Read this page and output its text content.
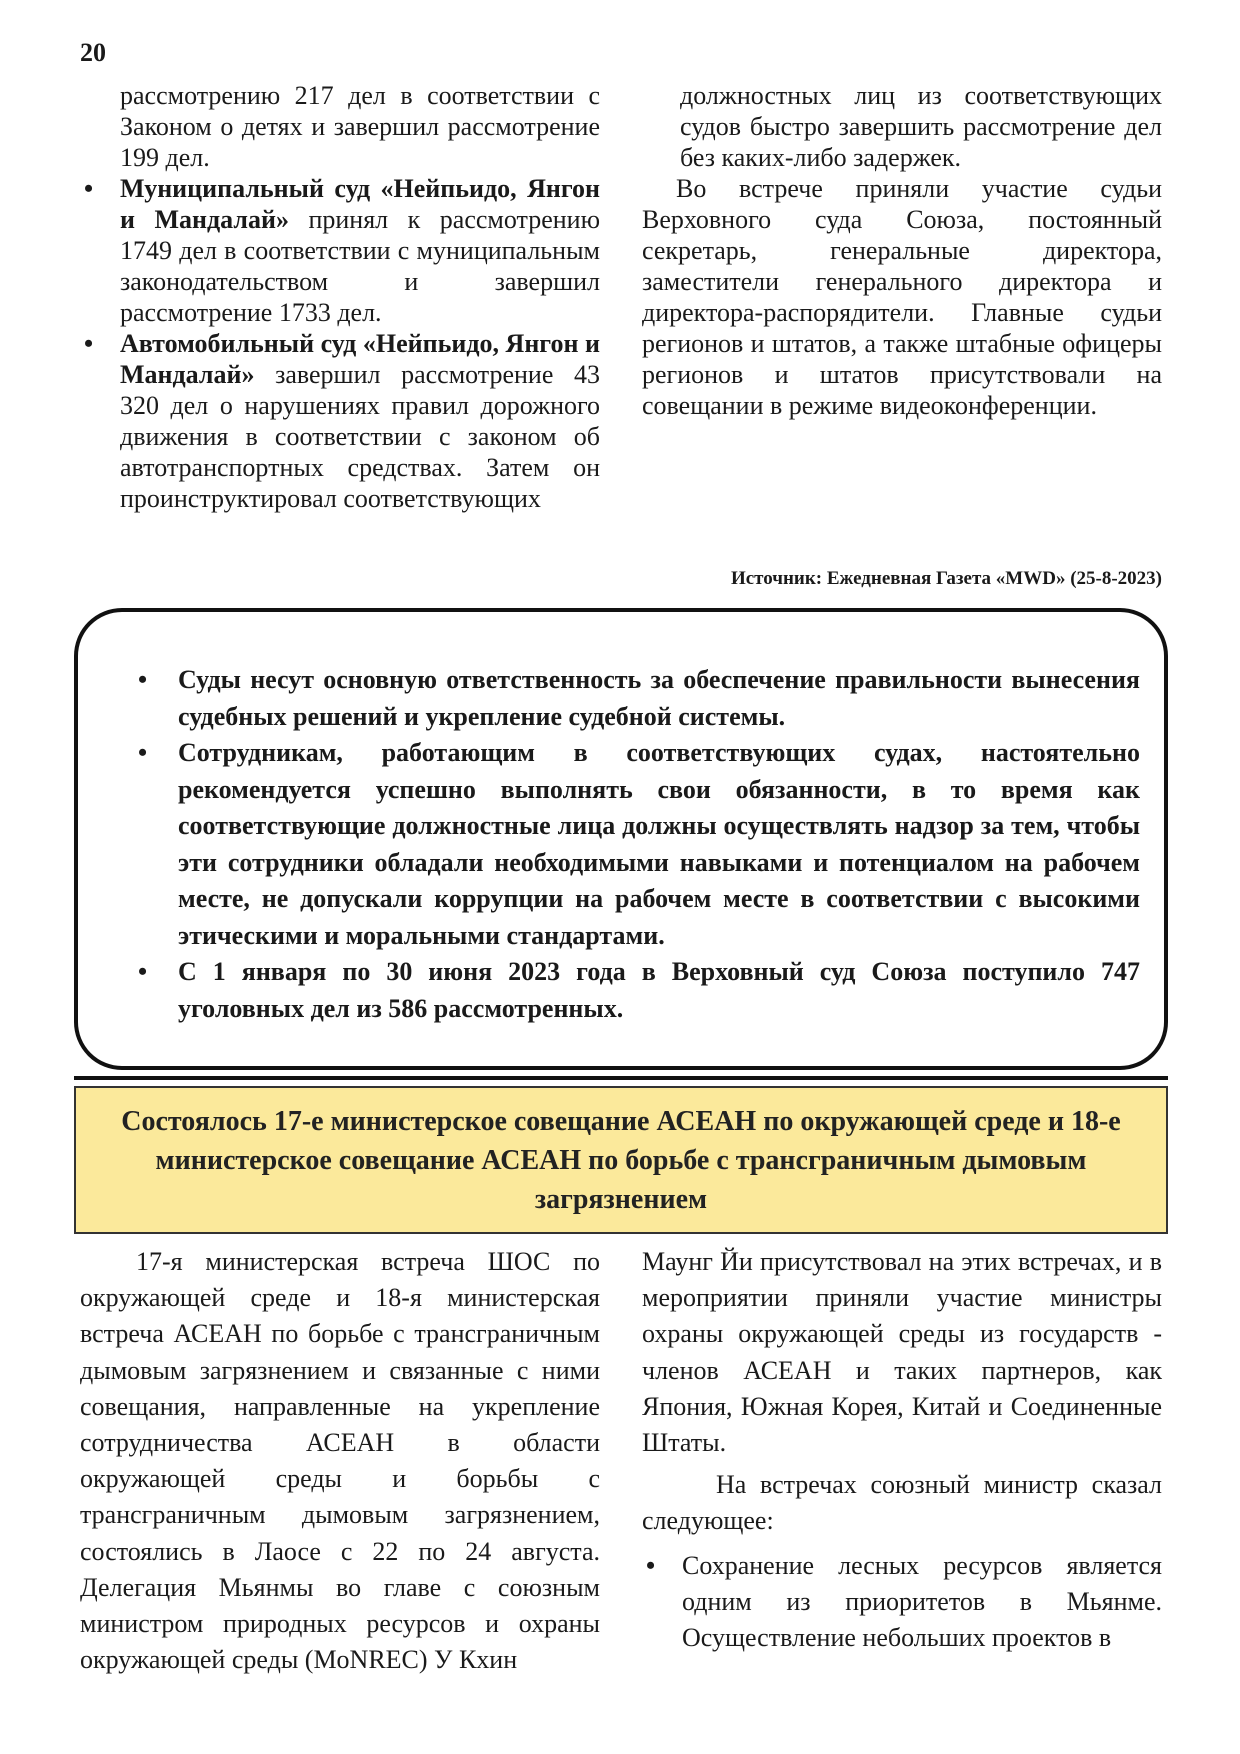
20

рассмотрению 217 дел в соответствии с Законом о детях и завершил рассмотрение 199 дел.

• Муниципальный суд «Нейпьидо, Янгон и Мандалай» принял к рассмотрению 1749 дел в соответствии с муниципальным законодательством и завершил рассмотрение 1733 дел.
• Автомобильный суд «Нейпьидо, Янгон и Мандалай» завершил рассмотрение 43 320 дел о нарушениях правил дорожного движения в соответствии с законом об автотранспортных средствах. Затем он проинструктировал соответствующих

должностных лиц из соответствующих судов быстро завершить рассмотрение дел без каких-либо задержек.

Во встрече приняли участие судьи Верховного суда Союза, постоянный секретарь, генеральные директора, заместители генерального директора и директора-распорядители. Главные судьи регионов и штатов, а также штабные офицеры регионов и штатов присутствовали на совещании в режиме видеоконференции.

Источник: Ежедневная Газета «MWD» (25-8-2023)
• Суды несут основную ответственность за обеспечение правильности вынесения судебных решений и укрепление судебной системы.
• Сотрудникам, работающим в соответствующих судах, настоятельно рекомендуется успешно выполнять свои обязанности, в то время как соответствующие должностные лица должны осуществлять надзор за тем, чтобы эти сотрудники обладали необходимыми навыками и потенциалом на рабочем месте, не допускали коррупции на рабочем месте в соответствии с высокими этическими и моральными стандартами.
• С 1 января по 30 июня 2023 года в Верховный суд Союза поступило 747 уголовных дел из 586 рассмотренных.
Состоялось 17-е министерское совещание АСЕАН по окружающей среде и 18-е министерское совещание АСЕАН по борьбе с трансграничным дымовым загрязнением

17-я министерская встреча ШОС по окружающей среде и 18-я министерская встреча АСЕАН по борьбе с трансграничным дымовым загрязнением и связанные с ними совещания, направленные на укрепление сотрудничества АСЕАН в области окружающей среды и борьбы с трансграничным дымовым загрязнением, состоялись в Лаосе с 22 по 24 августа. Делегация Мьянмы во главе с союзным министром природных ресурсов и охраны окружающей среды (MoNREC) У Кхин

Маунг Йи присутствовал на этих встречах, и в мероприятии приняли участие министры охраны окружающей среды из государств - членов АСЕАН и таких партнеров, как Япония, Южная Корея, Китай и Соединенные Штаты.

На встречах союзный министр сказал следующее:

• Сохранение лесных ресурсов является одним из приоритетов в Мьянме. Осуществление небольших проектов в
